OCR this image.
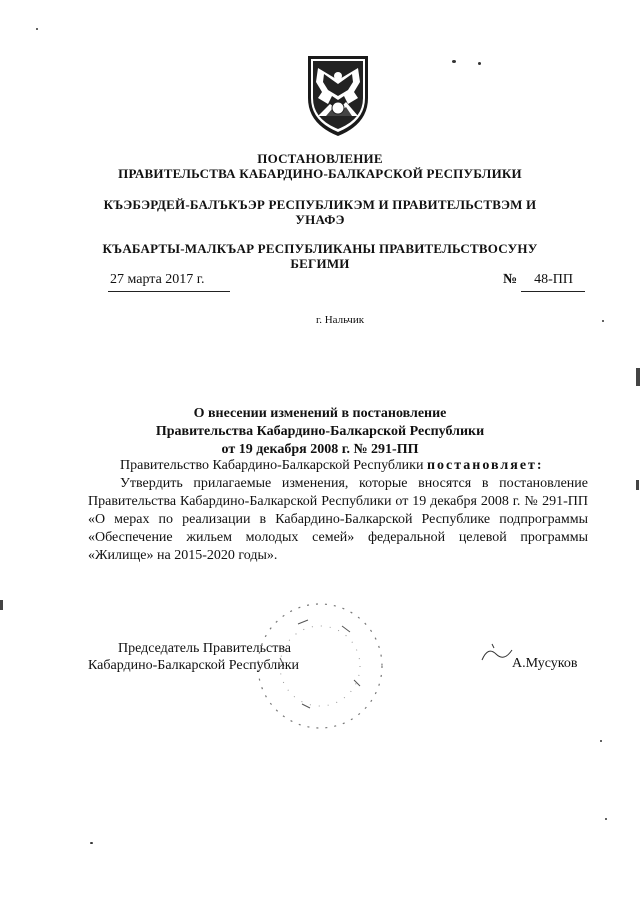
ПОСТАНОВЛЕНИЕ
ПРАВИТЕЛЬСТВА КАБАРДИНО-БАЛКАРСКОЙ РЕСПУБЛИКИ
КЪЭБЭРДЕЙ-БАЛЪКЪЭР РЕСПУБЛИКЭМ И ПРАВИТЕЛЬСТВЭМ И
УНАФЭ
КЪАБАРТЫ-МАЛКЪАР РЕСПУБЛИКАНЫ ПРАВИТЕЛЬСТВОСУНУ
БЕГИМИ
27 марта 2017 г.	№ 48-ПП
г. Нальчик
О внесении изменений в постановление
Правительства Кабардино-Балкарской Республики
от 19 декабря 2008 г. № 291-ПП
Правительство Кабардино-Балкарской Республики постановляет:
Утвердить прилагаемые изменения, которые вносятся в постановление Правительства Кабардино-Балкарской Республики от 19 декабря 2008 г. № 291-ПП «О мерах по реализации в Кабардино-Балкарской Республике подпрограммы «Обеспечение жильем молодых семей» федеральной целевой программы «Жилище» на 2015-2020 годы».
Председатель Правительства
Кабардино-Балкарской Республики	А.Мусуков
